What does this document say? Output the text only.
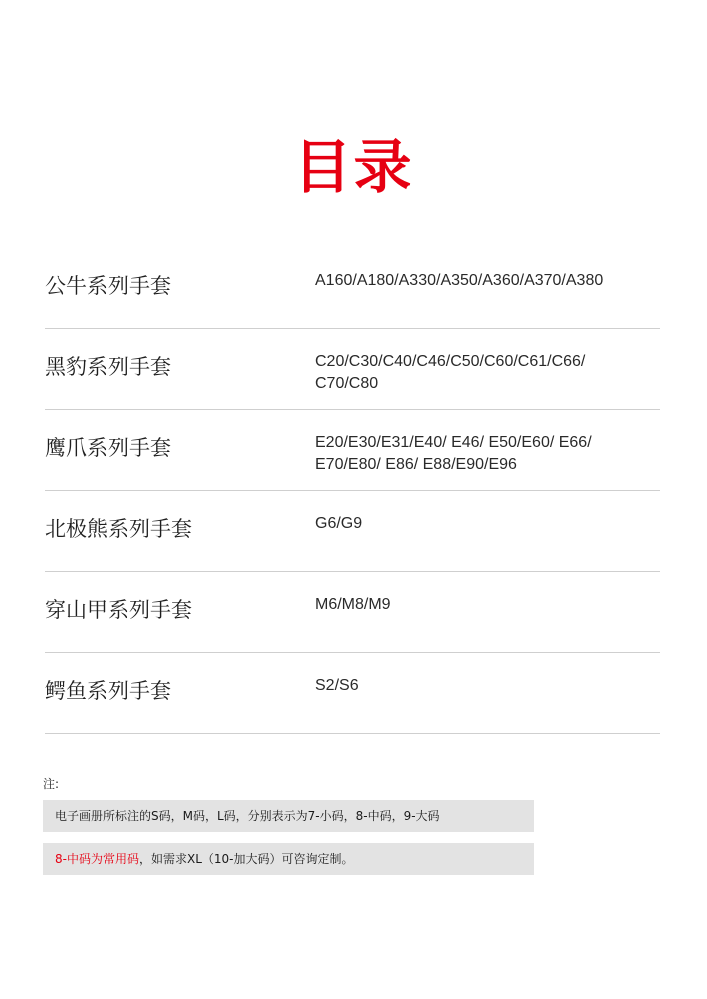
目录
公牛系列手套	A160/A180/A330/A350/A360/A370/A380
黑豹系列手套	C20/C30/C40/C46/C50/C60/C61/C66/
C70/C80
鹰爪系列手套	E20/E30/E31/E40/ E46/ E50/E60/ E66/
E70/E80/ E86/ E88/E90/E96
北极熊系列手套	G6/G9
穿山甲系列手套	M6/M8/M9
鳄鱼系列手套	S2/S6
注:
电子画册所标注的S码，M码，L码，分别表示为7-小码，8-中码，9-大码
8-中码为常用码，如需求XL（10-加大码）可咨询定制。
